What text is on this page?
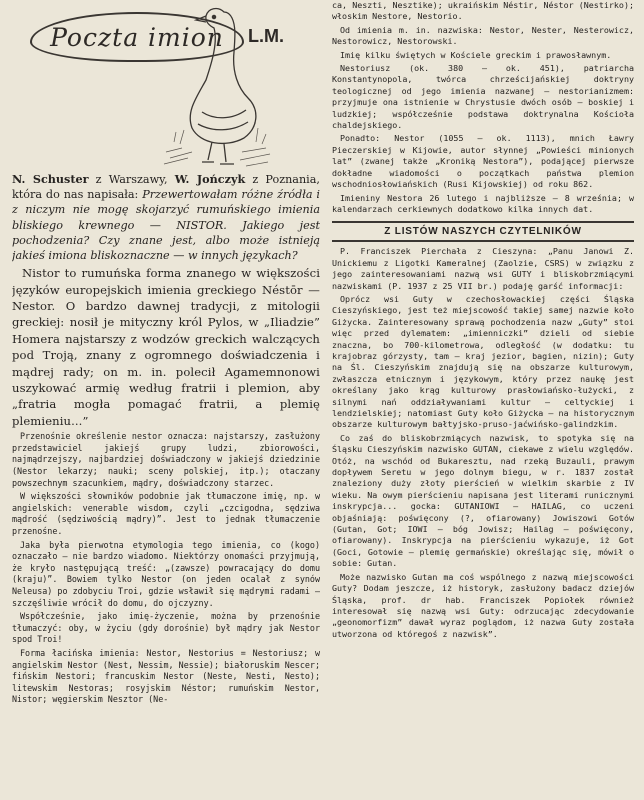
Poczta imion L.M.

N. Schuster z Warszawy, W. Jończyk z Poznania, która do nas napisała: Przewertowałam różne źródła i z niczym nie mogę skojarzyć rumuńskiego imienia bliskiego krewnego — NISTOR. Jakiego jest pochodzenia? Czy znane jest, albo może istnieją jakieś imiona bliskoznaczne — w innych językach?

Nistor to rumuńska forma znanego w większości języków europejskich imienia greckiego Néstōr — Nestor. O bardzo dawnej tradycji, z mitologii greckiej: nosił je mityczny król Pylos, w „Iliadzie” Homera najstarszy z wodzów greckich walczących pod Troją, znany z ogromnego doświadczenia i mądrej rady; on m. in. polecił Agamemnonowi uszykować armię według fratrii i plemion, aby „fratria mogła pomagać fratrii, a plemię plemieniu...”

Przenośnie określenie nestor oznacza: najstarszy, zasłużony przedstawiciel jakiejś grupy ludzi, zbiorowości, najmądrzejszy, najbardziej doświadczony w jakiejś dziedzinie (Nestor lekarzy; nauki; sceny polskiej, itp.); otaczany powszechnym szacunkiem, mądry, doświadczony starzec.

W większości słowników podobnie jak tłumaczone imię, np. w angielskich: venerable wisdom, czyli „czcigodna, sędziwa mądrość (sędziwością mądry)”. Jest to jednak tłumaczenie przenośne.

Jaka była pierwotna etymologia tego imienia, co (kogo) oznaczało — nie bardzo wiadomo. Niektórzy onomaści przyjmują, że kryło następującą treść: „(zawsze) powracający do domu (kraju)”. Bowiem tylko Nestor (on jeden ocalał z synów Neleusa) po zdobyciu Troi, gdzie wsławił się mądrymi radami — szczęśliwie wrócił do domu, do ojczyzny.

Współcześnie, jako imię-życzenie, można by przenośnie tłumaczyć: oby, w życiu (gdy dorośnie) był mądry jak Nestor spod Troi!

Forma łacińska imienia: Nestor, Nestorius = Nestoriusz; w angielskim Nestor (Nest, Nessim, Nessie); białoruskim Nescer; fińskim Nestori; francuskim Nestor (Neste, Nesti, Nesto); litewskim Nestoras; rosyjskim Néstor; rumuńskim Nestor, Nistor; węgierskim Nesztor (Ne-

ca, Neszti, Nesztike); ukraińskim Néstir, Néstor (Nestirko); włoskim Nestore, Nestorio.

Od imienia m. in. nazwiska: Nestor, Nester, Nesterowicz, Nestorowicz, Nestorowski.

Imię kilku świętych w Kościele greckim i prawosławnym.

Nestoriusz (ok. 380 — ok. 451), patriarcha Konstantynopola, twórca chrześcijańskiej doktryny teologicznej od jego imienia nazwanej — nestorianizmem: przyjmuje ona istnienie w Chrystusie dwóch osób — boskiej i ludzkiej; współcześnie podstawa doktrynalna Kościoła chaldejskiego.

Ponadto: Nestor (1055 — ok. 1113), mnich Ławry Pieczerskiej w Kijowie, autor słynnej „Powieści minionych lat” (zwanej także „Kroniką Nestora”), podającej pierwsze dokładne wiadomości o początkach państwa plemion wschodniosłowiańskich (Rusi Kijowskiej) od roku 862.

Imieniny Nestora 26 lutego i najbliższe — 8 września; w kalendarzach cerkiewnych dodatkowo kilka innych dat.

Z LISTÓW NASZYCH CZYTELNIKÓW

P. Franciszek Pierchała z Cieszyna: „Panu Janowi Z. Unickiemu z Ligotki Kameralnej (Zaolzie, CSRS) w związku z jego zainteresowaniami nazwą wsi GUTY i bliskobrzmiącymi nazwiskami (P. 1937 z 25 VII br.) podaję garść informacji:

Oprócz wsi Guty w czechosłowackiej części Śląska Cieszyńskiego, jest też miejscowość takiej samej nazwie koło Giżycka. Zainteresowany sprawą pochodzenia nazw „Guty” stoi więc przed dylematem: „imienniczki” dzieli od siebie znaczna, bo 700-kilometrowa, odległość (w dodatku: tu krajobraz górzysty, tam — kraj jezior, bagien, nizin); Guty na Śl. Cieszyńskim znajdują się na obszarze kulturowym, zwłaszcza etnicznym i językowym, który przez naukę jest określany jako krąg kulturowy prasłowiańsko-łużycki, z silnymi nań oddziaływaniami kultur — celtyckiej i lendzielskiej; natomiast Guty koło Giżycka — na historycznym obszarze kulturowym bałtyjsko-pruso-jaćwińsko-galindzkim.

Co zaś do bliskobrzmiących nazwisk, to spotyka się na Śląsku Cieszyńskim nazwisko GUTAN, ciekawe z wielu względów. Otóż, na wschód od Bukaresztu, nad rzeką Buzauli, prawym dopływem Seretu w jego dolnym biegu, w r. 1837 został znaleziony duży złoty pierścień w wielkim skarbie z IV wieku. Na owym pierścieniu napisana jest literami runicznymi inskrypcja... gocka: GUTANIOWI — HAILAG, co uczeni objaśniają: poświęcony (?, ofiarowany) Jowiszowi Gotów (Gutan, Got; IOWI — bóg Jowisz; Hailag — poświęcony, ofiarowany). Inskrypcja na pierścieniu wykazuje, iż Got (Goci, Gotowie — plemię germańskie) określając się, mówił o sobie: Gutan.

Może nazwisko Gutan ma coś wspólnego z nazwą miejscowości Guty? Dodam jeszcze, iż historyk, zasłużony badacz dziejów Śląska, prof. dr hab. Franciszek Popiołek również interesował się nazwą wsi Guty: odrzucając zdecydowanie „geonomorfizm” dawał wyraz poglądom, iż nazwa Guty została utworzona od któregoś z nazwisk”.
